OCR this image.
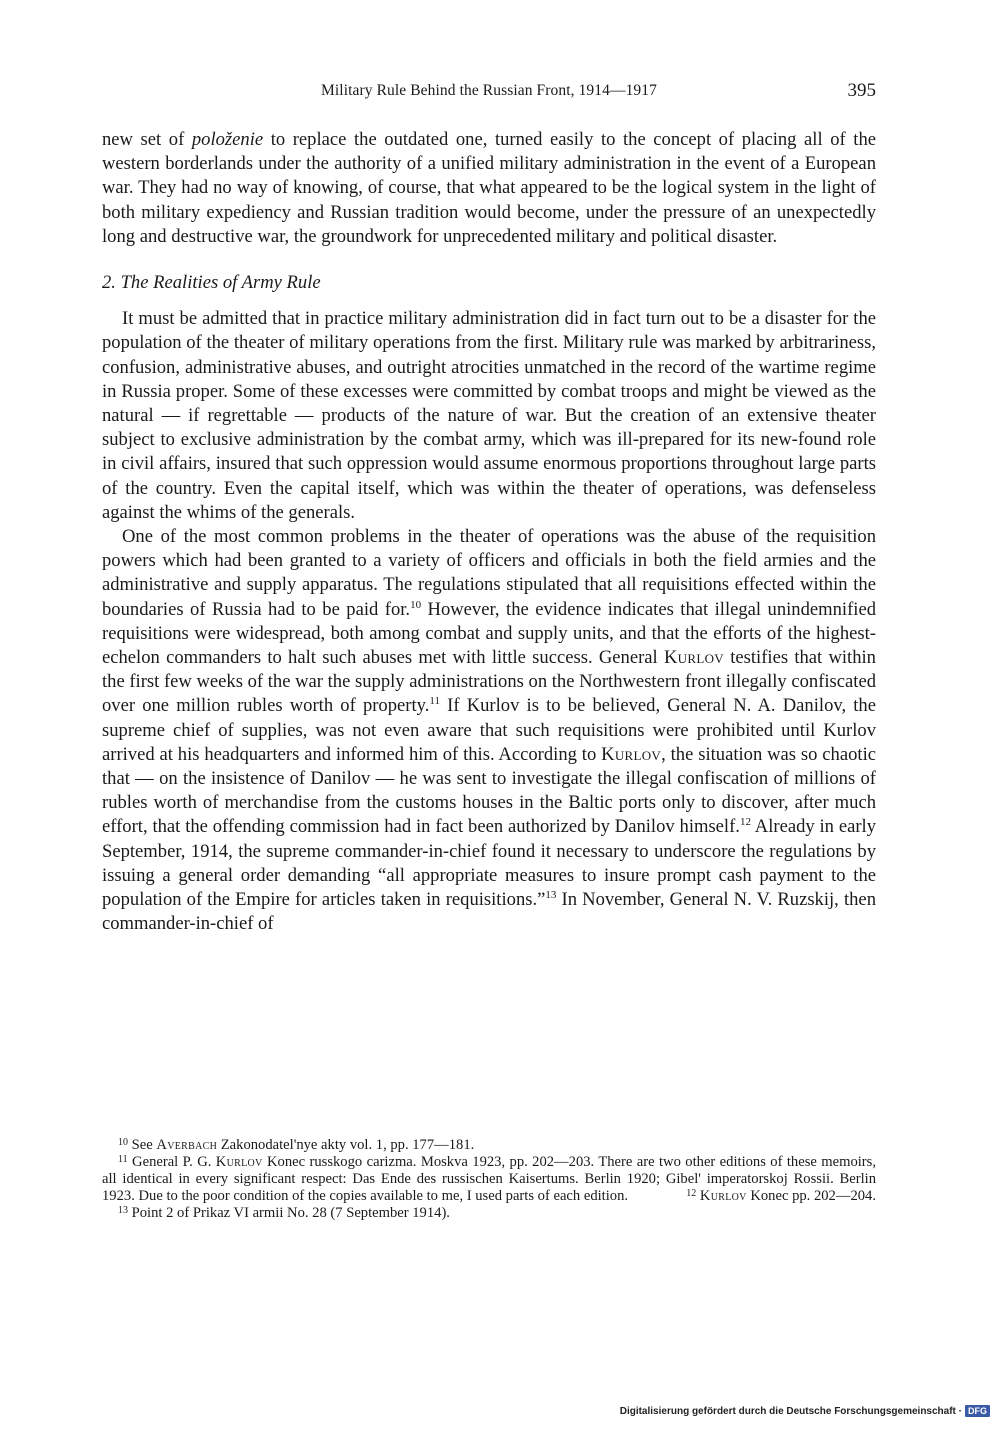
Military Rule Behind the Russian Front, 1914—1917	395

new set of položenie to replace the outdated one, turned easily to the concept of placing all of the western borderlands under the authority of a unified military administration in the event of a European war. They had no way of knowing, of course, that what appeared to be the logical system in the light of both military expediency and Russian tradition would become, under the pressure of an unexpectedly long and destructive war, the groundwork for unprecedented military and political disaster.

2. The Realities of Army Rule

It must be admitted that in practice military administration did in fact turn out to be a disaster for the population of the theater of military operations from the first. Military rule was marked by arbitrariness, confusion, administrative abuses, and outright atrocities unmatched in the record of the wartime regime in Russia proper. Some of these excesses were committed by combat troops and might be viewed as the natural — if regrettable — products of the nature of war. But the creation of an extensive theater subject to exclusive administration by the combat army, which was ill-prepared for its new-found role in civil affairs, insured that such oppression would assume enormous proportions throughout large parts of the country. Even the capital itself, which was within the theater of operations, was defenseless against the whims of the generals.

One of the most common problems in the theater of operations was the abuse of the requisition powers which had been granted to a variety of officers and officials in both the field armies and the administrative and supply apparatus. The regulations stipulated that all requisitions effected within the boundaries of Russia had to be paid for.$^{10}$ However, the evidence indicates that illegal unindemnified requisitions were widespread, both among combat and supply units, and that the efforts of the highest-echelon commanders to halt such abuses met with little success. General Kurlov testifies that within the first few weeks of the war the supply administrations on the Northwestern front illegally confiscated over one million rubles worth of property.$^{11}$ If Kurlov is to be believed, General N. A. Danilov, the supreme chief of supplies, was not even aware that such requisitions were prohibited until Kurlov arrived at his headquarters and informed him of this. According to Kurlov, the situation was so chaotic that — on the insistence of Danilov — he was sent to investigate the illegal confiscation of millions of rubles worth of merchandise from the customs houses in the Baltic ports only to discover, after much effort, that the offending commission had in fact been authorized by Danilov himself.$^{12}$ Already in early September, 1914, the supreme commander-in-chief found it necessary to underscore the regulations by issuing a general order demanding “all appropriate measures to insure prompt cash payment to the population of the Empire for articles taken in requisitions.”$^{13}$ In November, General N. V. Ruzskij, then commander-in-chief of

$^{10}$ See Averbach Zakonodatel'nye akty vol. 1, pp. 177—181.

$^{11}$ General P. G. Kurlov Konec russkogo carizma. Moskva 1923, pp. 202—203. There are two other editions of these memoirs, all identical in every significant respect: Das Ende des russischen Kaisertums. Berlin 1920; Gibel' imperatorskoj Rossii. Berlin 1923. Due to the poor condition of the copies available to me, I used parts of each edition.	$^{12}$ Kurlov Konec pp. 202—204.

$^{13}$ Point 2 of Prikaz VI armii No. 28 (7 September 1914).

Digitalisierung gefördert durch die Deutsche Forschungsgemeinschaft · DFG
